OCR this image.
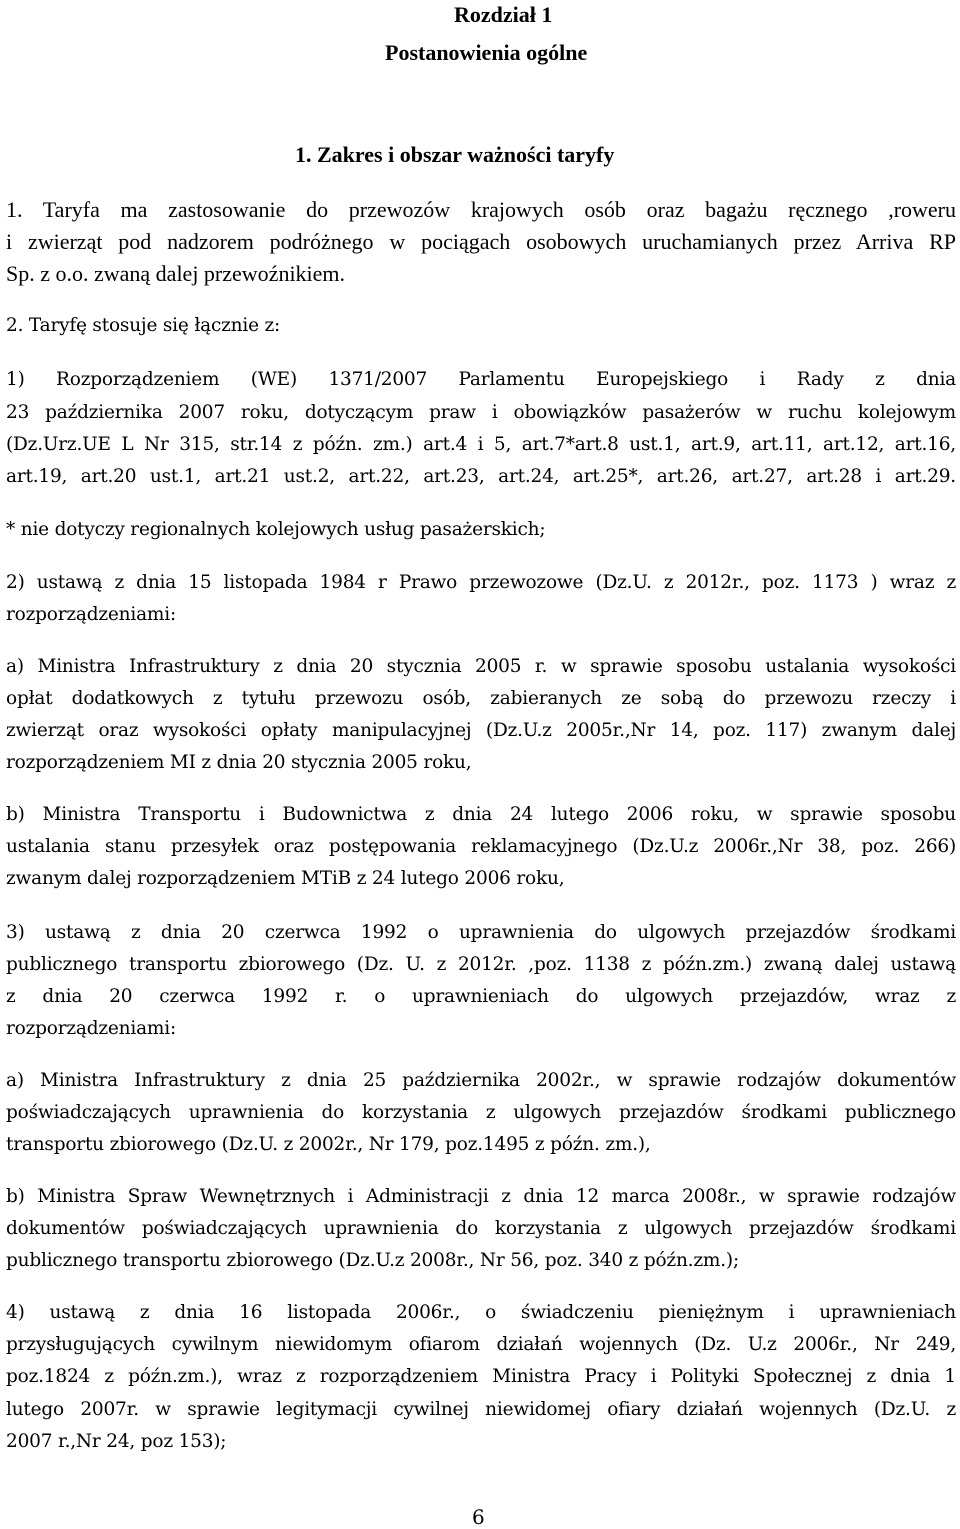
Rozdział 1
Postanowienia ogólne
1. Zakres i obszar ważności taryfy
1. Taryfa ma zastosowanie do przewozów krajowych osób oraz bagażu ręcznego ,roweru
i zwierząt pod nadzorem podróżnego w pociągach osobowych uruchamianych przez Arriva RP
Sp. z o.o. zwaną dalej przewoźnikiem.
2. Taryfę stosuje się łącznie z:
1) Rozporządzeniem (WE) 1371/2007 Parlamentu Europejskiego i Rady z dnia
23 października 2007 roku, dotyczącym praw i obowiązków pasażerów w ruchu kolejowym
(Dz.Urz.UE L Nr 315, str.14 z późn. zm.) art.4 i 5, art.7*art.8 ust.1, art.9, art.11, art.12, art.16,
art.19, art.20 ust.1, art.21 ust.2, art.22, art.23, art.24, art.25*, art.26, art.27, art.28 i art.29.
* nie dotyczy regionalnych kolejowych usług pasażerskich;
2) ustawą z dnia 15 listopada 1984 r Prawo przewozowe (Dz.U. z 2012r., poz. 1173 ) wraz z
rozporządzeniami:
a) Ministra Infrastruktury z dnia 20 stycznia 2005 r. w sprawie sposobu ustalania wysokości
opłat dodatkowych z tytułu przewozu osób, zabieranych ze sobą do przewozu rzeczy i
zwierząt oraz wysokości opłaty manipulacyjnej (Dz.U.z 2005r.,Nr 14, poz. 117) zwanym dalej
rozporządzeniem MI z dnia 20 stycznia 2005 roku,
b) Ministra Transportu i Budownictwa z dnia 24 lutego 2006 roku, w sprawie sposobu
ustalania stanu przesyłek oraz postępowania reklamacyjnego (Dz.U.z 2006r.,Nr 38, poz. 266)
zwanym dalej rozporządzeniem MTiB z 24 lutego 2006 roku,
3) ustawą z dnia 20 czerwca 1992 o uprawnienia do ulgowych przejazdów środkami
publicznego transportu zbiorowego (Dz. U. z 2012r. ,poz. 1138 z późn.zm.) zwaną dalej ustawą
z dnia 20 czerwca 1992 r. o uprawnieniach do ulgowych przejazdów, wraz z
rozporządzeniami:
a) Ministra Infrastruktury z dnia 25 października 2002r., w sprawie rodzajów dokumentów
poświadczających uprawnienia do korzystania z ulgowych przejazdów środkami publicznego
transportu zbiorowego (Dz.U. z 2002r., Nr 179, poz.1495 z późn. zm.),
b) Ministra Spraw Wewnętrznych i Administracji z dnia 12 marca 2008r., w sprawie rodzajów
dokumentów poświadczających uprawnienia do korzystania z ulgowych przejazdów środkami
publicznego transportu zbiorowego (Dz.U.z 2008r., Nr 56, poz. 340 z późn.zm.);
4) ustawą z dnia 16 listopada 2006r., o świadczeniu pieniężnym i uprawnieniach
przysługujących cywilnym niewidomym ofiarom działań wojennych (Dz. U.z 2006r., Nr 249,
poz.1824 z późn.zm.), wraz z rozporządzeniem Ministra Pracy i Polityki Społecznej z dnia 1
lutego 2007r. w sprawie legitymacji cywilnej niewidomej ofiary działań wojennych (Dz.U. z
2007 r.,Nr 24, poz 153);
6
